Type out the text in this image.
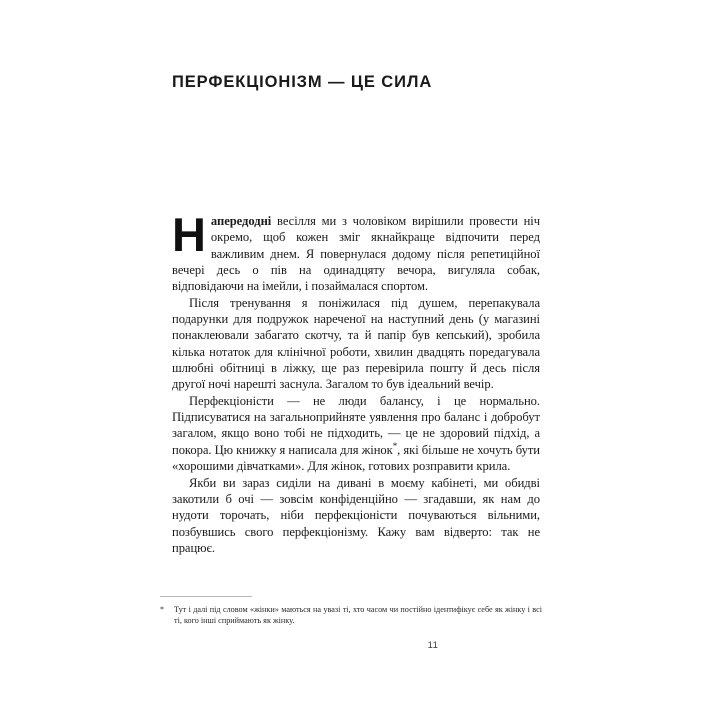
ПЕРФЕКЦІОНІЗМ — ЦЕ СИЛА

Напередодні весілля ми з чоловіком вирішили провести ніч окремо, щоб кожен зміг якнайкраще відпочити перед важливим днем. Я повернулася додому після репетиційної вечері десь о пів на одинадцяту вечора, вигуляла собак, відповідаючи на імейли, і позаймалася спортом.

Після тренування я поніжилася під душем, перепакувала подарунки для подружок нареченої на наступний день (у магазині понаклеювали забагато скотчу, та й папір був кепський), зробила кілька нотаток для клінічної роботи, хвилин двадцять поредагувала шлюбні обітниці в ліжку, ще раз перевірила пошту й десь після другої ночі нарешті заснула. Загалом то був ідеальний вечір.

Перфекціоністи — не люди балансу, і це нормально. Підписуватися на загальноприйняте уявлення про баланс і добробут загалом, якщо воно тобі не підходить, — це не здоровий підхід, а покора. Цю книжку я написала для жінок*, які більше не хочуть бути «хорошими дівчатками». Для жінок, готових розправити крила.

Якби ви зараз сиділи на дивані в моєму кабінеті, ми обидві закотили б очі — зовсім конфіденційно — згадавши, як нам до нудоти торочать, ніби перфекціоністи почуваються вільними, позбувшись свого перфекціонізму. Кажу вам відверто: так не працює.

* Тут і далі під словом «жінки» маються на увазі ті, хто часом чи постійно ідентифікує себе як жінку і всі ті, кого інші сприймають як жінку.

11
